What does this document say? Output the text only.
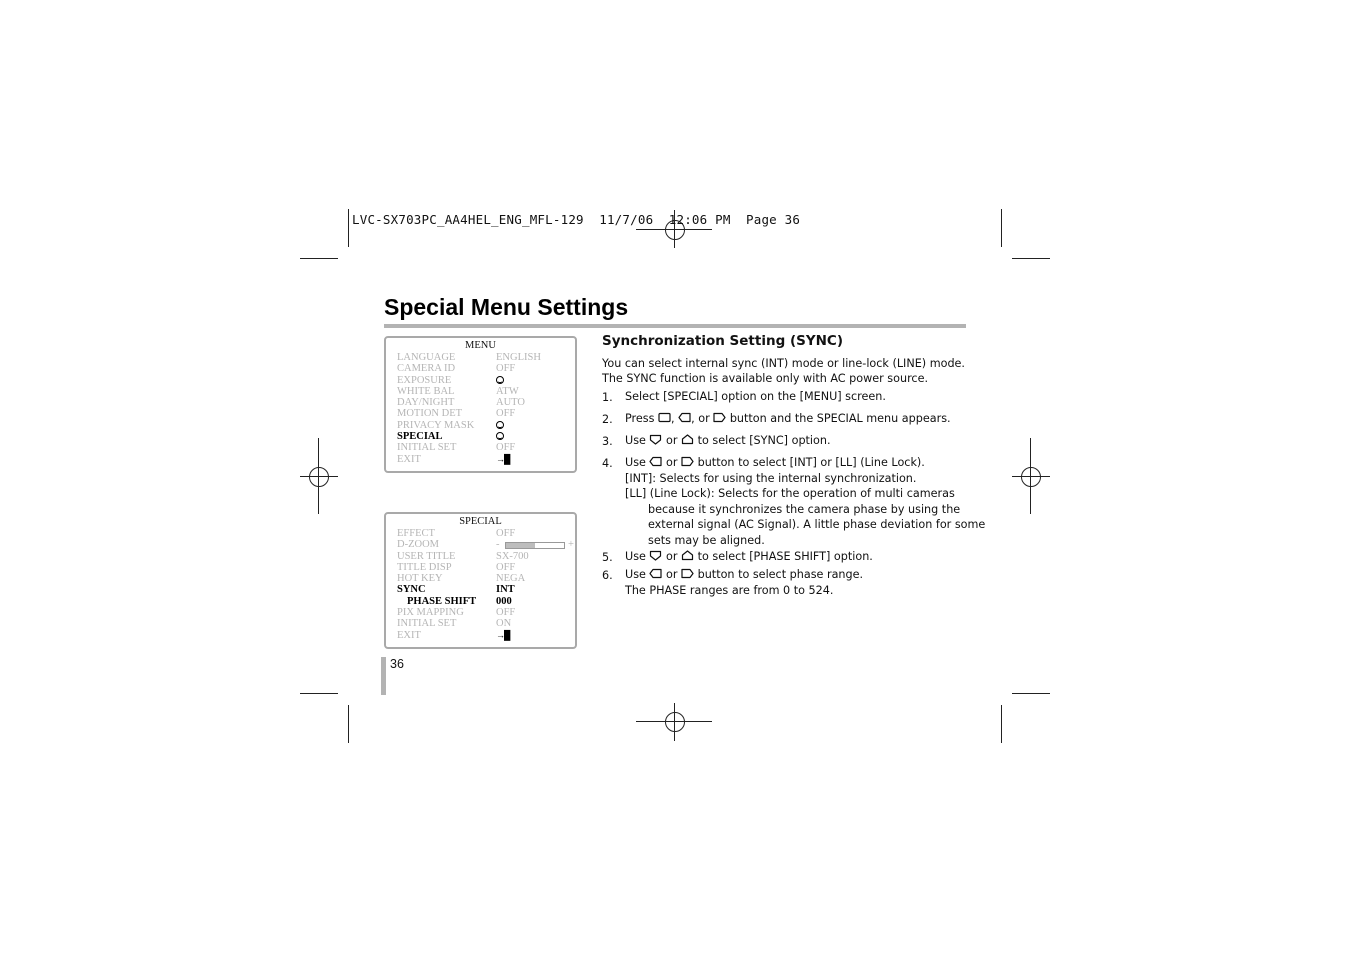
LVC-SX703PC_AA4HEL_ENG_MFL-129  11/7/06  12:06 PM  Page 36
Special Menu Settings
MENU
LANGUAGE	ENGLISH
CAMERA ID	OFF
EXPOSURE
WHITE BAL	ATW
DAY/NIGHT	AUTO
MOTION DET	OFF
PRIVACY MASK
SPECIAL
INITIAL SET	OFF
EXIT	→█
SPECIAL
EFFECT	OFF
D-ZOOM	-	+
USER TITLE	SX-700
TITLE DISP	OFF
HOT KEY	NEGA
SYNC	INT
PHASE SHIFT 000
PIX MAPPING	OFF
INITIAL SET	ON
EXIT	→█
Synchronization Setting (SYNC)
You can select internal sync (INT) mode or line-lock (LINE) mode.
The SYNC function is available only with AC power source.
1. Select [SPECIAL] option on the [MENU] screen.
2. Press , , or button and the SPECIAL menu appears.
3. Use or to select [SYNC] option.
4. Use or button to select [INT] or [LL] (Line Lock).
[INT]: Selects for using the internal synchronization.
[LL] (Line Lock): Selects for the operation of multi cameras
because it synchronizes the camera phase by using the
external signal (AC Signal). A little phase deviation for some
sets may be aligned.
5. Use or to select [PHASE SHIFT] option.
6. Use or button to select phase range.
The PHASE ranges are from 0 to 524.
36
